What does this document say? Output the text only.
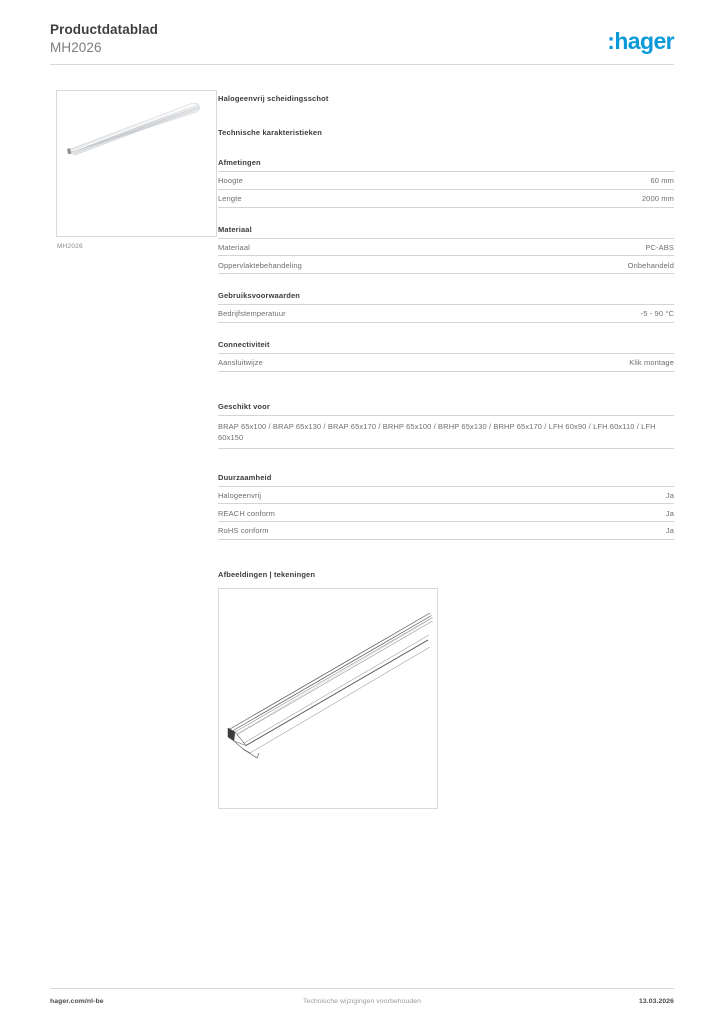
Productdatablad
MH2026	:hager
MH2026
Halogeenvrij scheidingsschot
Technische karakteristieken
Afmetingen
Hoogte	60 mm
Lengte	2000 mm
Materiaal
Materiaal	PC-ABS
Oppervlaktebehandeling	Onbehandeld
Gebruiksvoorwaarden
Bedrijfstemperatuur	-5 - 90 °C
Connectiviteit
Aansluitwijze	Klik montage
Geschikt voor
BRAP 65x100 / BRAP 65x130 / BRAP 65x170 / BRHP 65x100 / BRHP 65x130 / BRHP 65x170 / LFH 60x90 / LFH 60x110 / LFH 60x150
Duurzaamheid
Halogeenvrij	Ja
REACH conform	Ja
RoHS conform	Ja
Afbeeldingen | tekeningen
Technische wijzigingen voorbehouden
hager.com/nl-be	13.03.2026
